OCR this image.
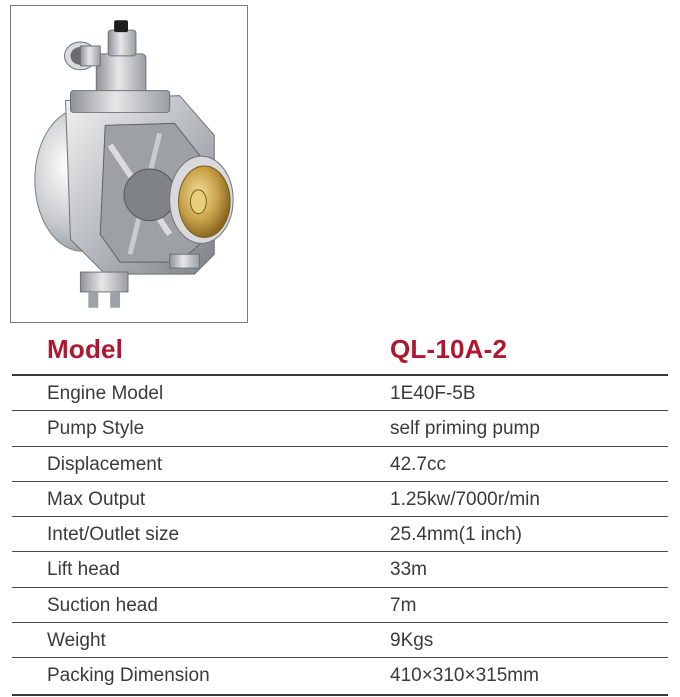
Model	QL-10A-2
Engine Model	1E40F-5B
Pump Style	self priming pump
Displacement	42.7cc
Max Output	1.25kw/7000r/min
Intet/Outlet size	25.4mm(1 inch)
Lift head	33m
Suction head	7m
Weight	9Kgs
Packing Dimension	410×310×315mm
